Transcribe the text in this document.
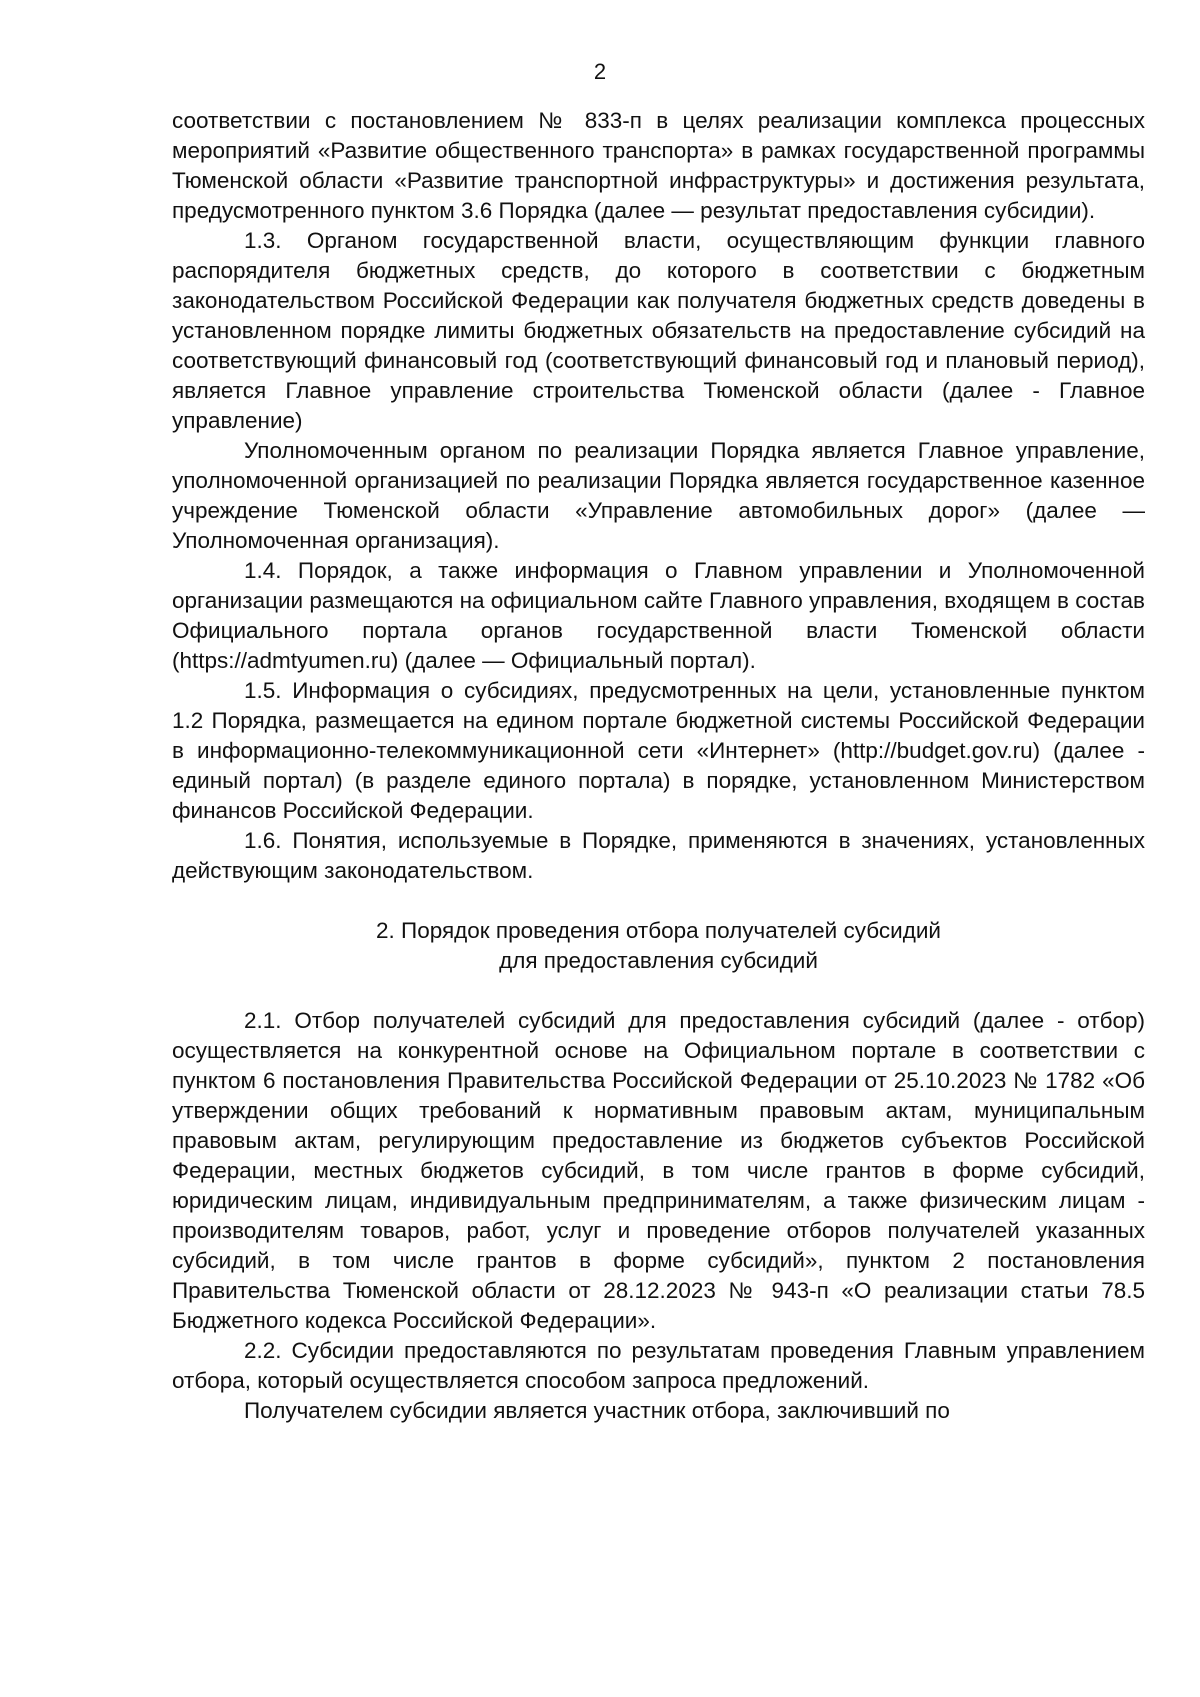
2

соответствии с постановлением № 833-п в целях реализации комплекса процессных мероприятий «Развитие общественного транспорта» в рамках государственной программы Тюменской области «Развитие транспортной инфраструктуры» и достижения результата, предусмотренного пунктом 3.6 Порядка (далее — результат предоставления субсидии).

1.3. Органом государственной власти, осуществляющим функции главного распорядителя бюджетных средств, до которого в соответствии с бюджетным законодательством Российской Федерации как получателя бюджетных средств доведены в установленном порядке лимиты бюджетных обязательств на предоставление субсидий на соответствующий финансовый год (соответствующий финансовый год и плановый период), является Главное управление строительства Тюменской области (далее - Главное управление)

Уполномоченным органом по реализации Порядка является Главное управление, уполномоченной организацией по реализации Порядка является государственное казенное учреждение Тюменской области «Управление автомобильных дорог» (далее — Уполномоченная организация).

1.4. Порядок, а также информация о Главном управлении и Уполномоченной организации размещаются на официальном сайте Главного управления, входящем в состав Официального портала органов государственной власти Тюменской области (https://admtyumen.ru) (далее — Официальный портал).

1.5. Информация о субсидиях, предусмотренных на цели, установленные пунктом 1.2 Порядка, размещается на едином портале бюджетной системы Российской Федерации в информационно-телекоммуникационной сети «Интернет» (http://budget.gov.ru) (далее - единый портал) (в разделе единого портала) в порядке, установленном Министерством финансов Российской Федерации.

1.6. Понятия, используемые в Порядке, применяются в значениях, установленных действующим законодательством.

2. Порядок проведения отбора получателей субсидий
для предоставления субсидий

2.1. Отбор получателей субсидий для предоставления субсидий (далее - отбор) осуществляется на конкурентной основе на Официальном портале в соответствии с пунктом 6 постановления Правительства Российской Федерации от 25.10.2023 № 1782 «Об утверждении общих требований к нормативным правовым актам, муниципальным правовым актам, регулирующим предоставление из бюджетов субъектов Российской Федерации, местных бюджетов субсидий, в том числе грантов в форме субсидий, юридическим лицам, индивидуальным предпринимателям, а также физическим лицам - производителям товаров, работ, услуг и проведение отборов получателей указанных субсидий, в том числе грантов в форме субсидий», пунктом 2 постановления Правительства Тюменской области от 28.12.2023 № 943-п «О реализации статьи 78.5 Бюджетного кодекса Российской Федерации».

2.2. Субсидии предоставляются по результатам проведения Главным управлением отбора, который осуществляется способом запроса предложений.

Получателем субсидии является участник отбора, заключивший по
